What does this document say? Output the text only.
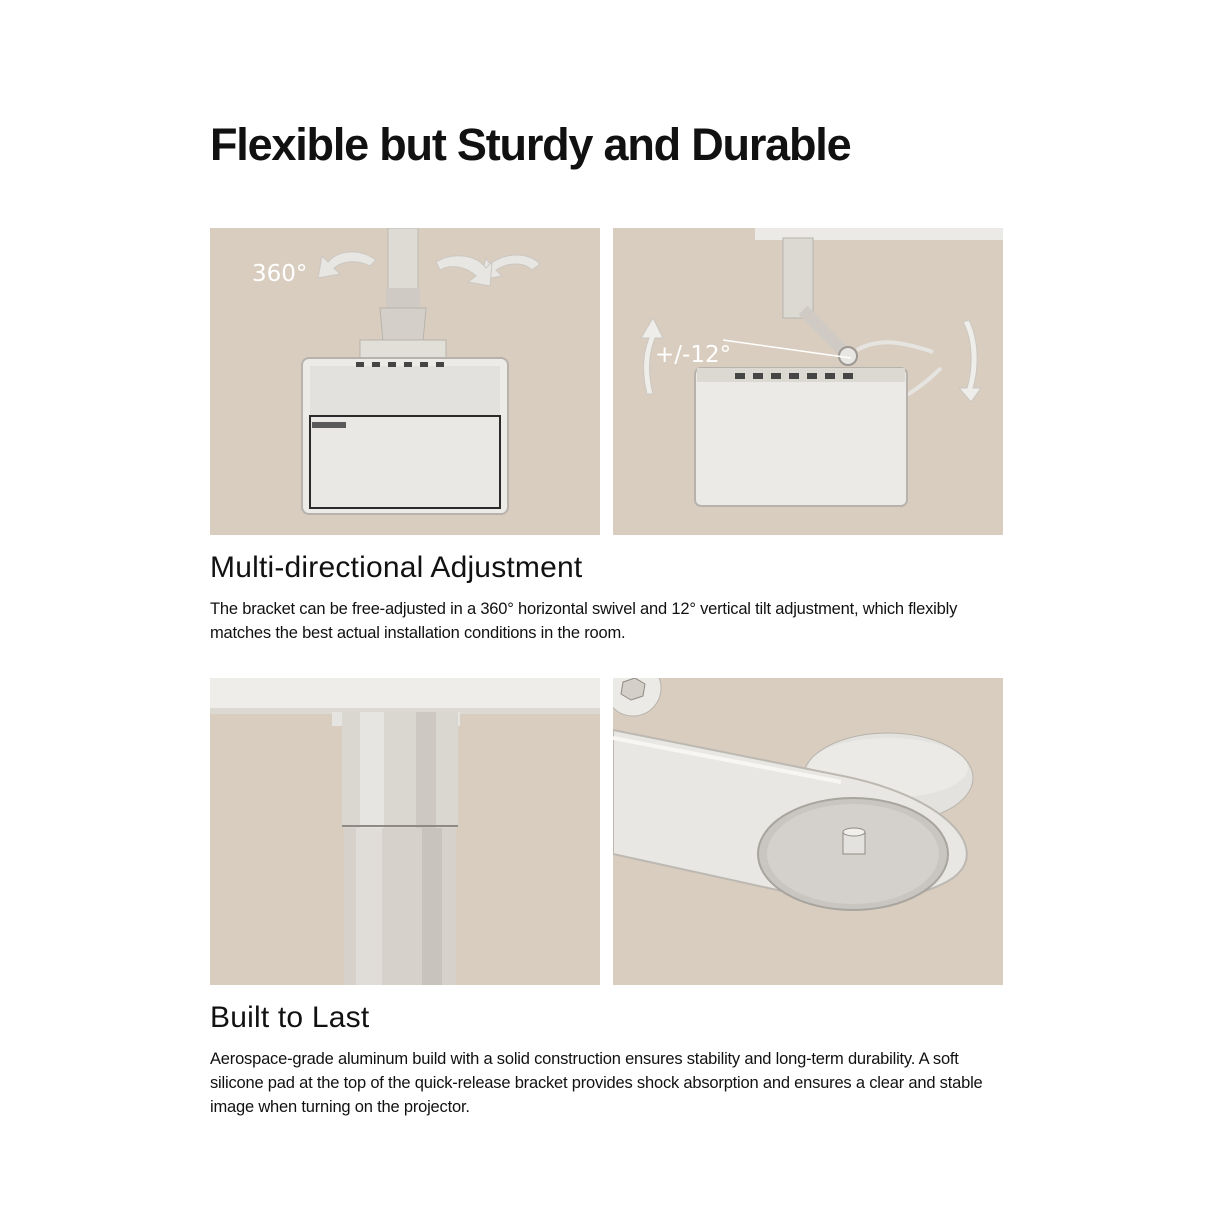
Flexible but Sturdy and Durable
360°
+/-12°
Multi-directional Adjustment

The bracket can be free-adjusted in a 360° horizontal swivel and 12° vertical tilt adjustment, which flexibly matches the best actual installation conditions in the room.

Built to Last

Aerospace-grade aluminum build with a solid construction ensures stability and long-term durability. A soft silicone pad at the top of the quick-release bracket provides shock absorption and ensures a clear and stable image when turning on the projector.
